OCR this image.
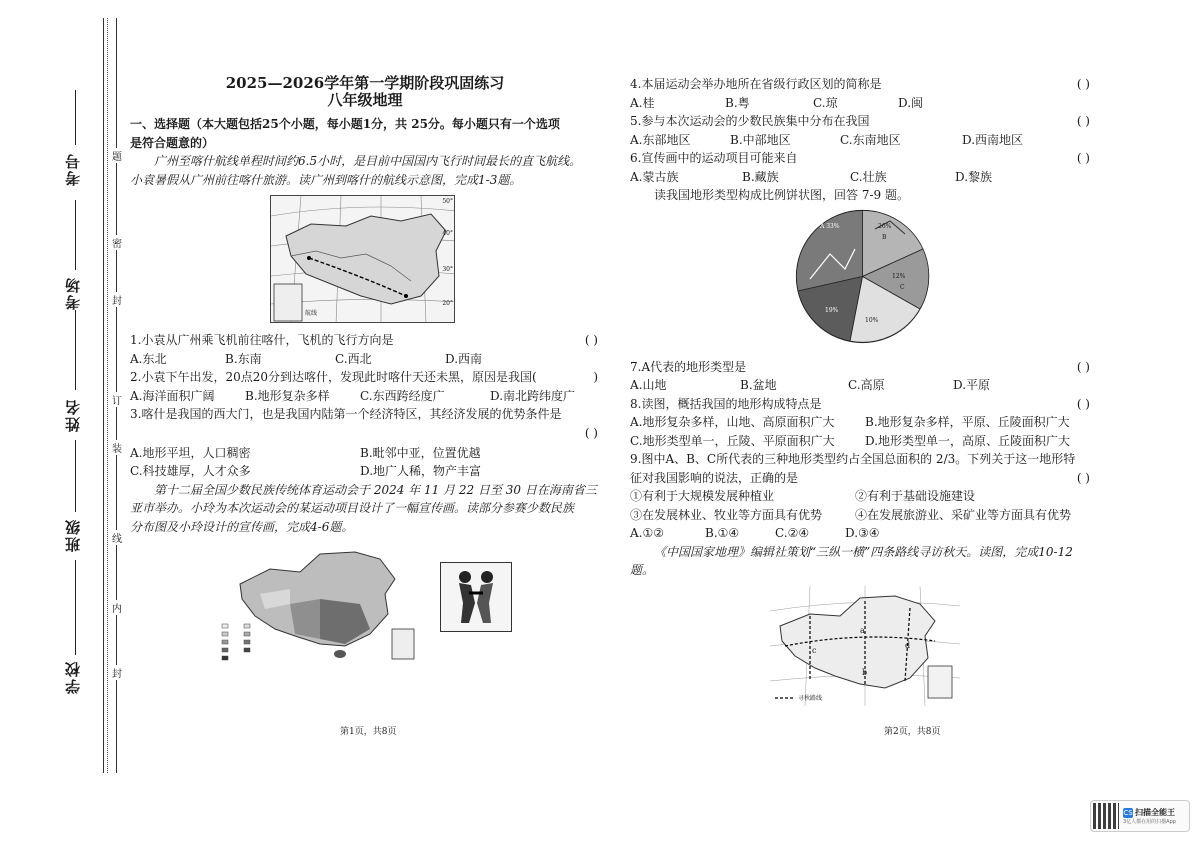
学校
班级
姓名
考场
考号	题
密
封
订
线
装
内
封
2025—2026学年第一学期阶段巩固练习
八年级地理
一、选择题（本大题包括25个小题，每小题1分，共 25分。每小题只有一个选项
是符合题意的）
广州至喀什航线单程时间约6.5小时，是目前中国国内飞行时间最长的直飞航线。
小袁暑假从广州前往喀什旅游。读广州到喀什的航线示意图，完成1-3题。
50°
40°
30°
20°
航线
1.小袁从广州乘飞机前往喀什，飞机的飞行方向是	( )
A.东北	B.东南	C.西北	D.西南
2.小袁下午出发，20点20分到达喀什，发现此时喀什天还未黑，原因是我国(	)
A.海洋面积广阔	B.地形复杂多样	C.东西跨经度广	D.南北跨纬度广
3.喀什是我国的西大门，也是我国内陆第一个经济特区，其经济发展的优势条件是
( )
A.地形平坦，人口稠密	B.毗邻中亚，位置优越
C.科技雄厚，人才众多	D.地广人稀，物产丰富
第十二届全国少数民族传统体育运动会于 2024 年 11 月 22 日至 30 日在海南省三
亚市举办。小玲为本次运动会的某运动项目设计了一幅宣传画。读部分参赛少数民族
分布图及小玲设计的宣传画，完成4-6题。
第1页，共8页
4.本届运动会举办地所在省级行政区划的简称是	( )
A.桂	B.粤	C.琼	D.闽
5.参与本次运动会的少数民族集中分布在我国	( )
A.东部地区	B.中部地区	C.东南地区	D.西南地区
6.宣传画中的运动项目可能来自	( )
A.蒙古族	B.藏族	C.壮族	D.黎族
读我国地形类型构成比例饼状图，回答 7-9 题。
A 33%	26%
B
12%
C
10%
19%
7.A代表的地形类型是	( )
A.山地	B.盆地	C.高原	D.平原
8.读图，概括我国的地形构成特点是	( )
A.地形复杂多样，山地、高原面积广大	B.地形复杂多样，平原、丘陵面积广大
C.地形类型单一，丘陵、平原面积广大	D.地形类型单一，高原、丘陵面积广大
9.图中A、B、C所代表的三种地形类型约占全国总面积的 2/3。下列关于这一地形特
征对我国影响的说法，正确的是	( )
①有利于大规模发展种植业	②有利于基础设施建设
③在发展林业、牧业等方面具有优势	④在发展旅游业、采矿业等方面具有优势
A.①②	B.①④	C.②④	D.③④
《中国国家地理》编辑社策划“三纵一横”四条路线寻访秋天。读图，完成10-12
题。
a
b
c
d
寻秋路线
第2页，共8页
CS 扫描全能王
3亿人都在用的扫描App
